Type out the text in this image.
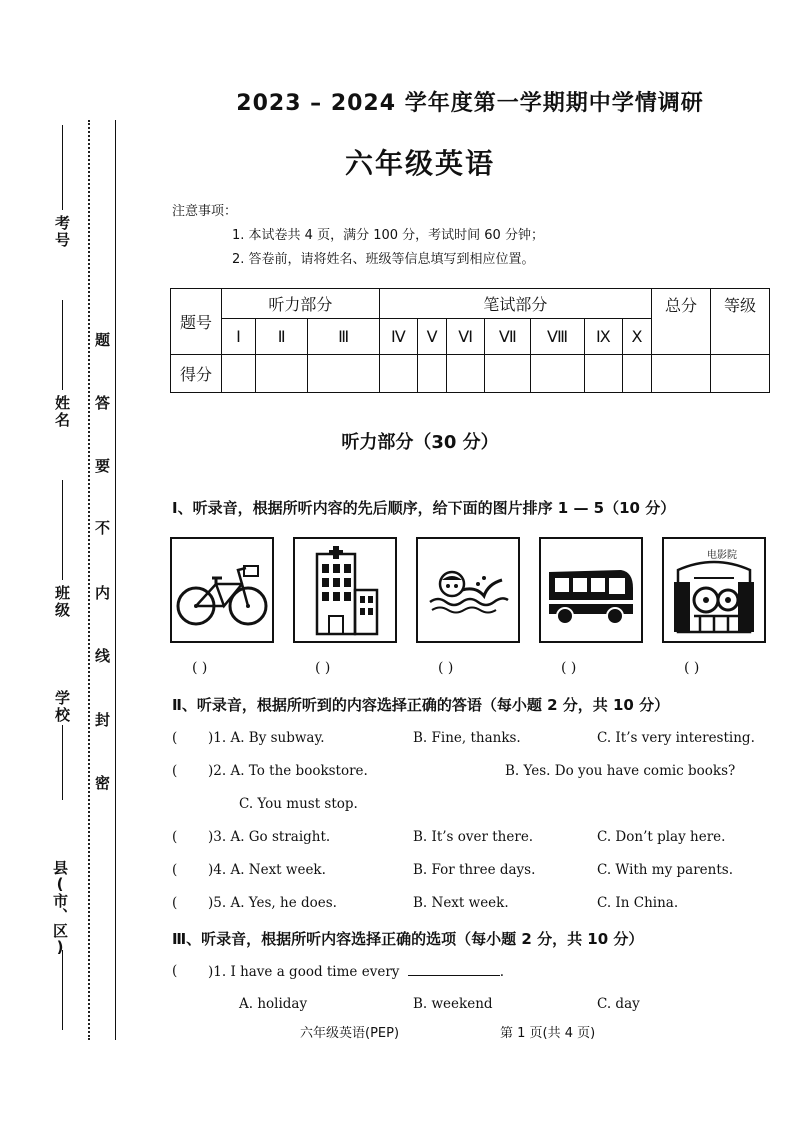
考号
姓名
班级
学校
县(市、区)
题
答
要
不
内
线
封
密
2023 – 2024 学年度第一学期期中学情调研
六年级英语
注意事项：
1. 本试卷共 4 页，满分 100 分，考试时间 60 分钟；
2. 答卷前，请将姓名、班级等信息填写到相应位置。
题号	听力部分			笔试部分							总分	等级
	Ⅰ	Ⅱ	Ⅲ	Ⅳ	Ⅴ	Ⅵ	Ⅶ	Ⅷ	Ⅸ	Ⅹ		
得分												
听力部分（30 分）
Ⅰ、听录音，根据所听内容的先后顺序，给下面的图片排序 1 — 5（10 分）
电影院
( )	( )	( )	( )	( )
Ⅱ、听录音，根据所听到的内容选择正确的答语（每小题 2 分，共 10 分）
( )1. A. By subway.	B. Fine, thanks.	C. It’s very interesting.
( )2. A. To the bookstore.	B. Yes. Do you have comic books?
C. You must stop.
( )3. A. Go straight.	B. It’s over there.	C. Don’t play here.
( )4. A. Next week.	B. For three days.	C. With my parents.
( )5. A. Yes, he does.	B. Next week.	C. In China.
Ⅲ、听录音，根据所听内容选择正确的选项（每小题 2 分，共 10 分）
( )1. I have a good time every	.
A. holiday	B. weekend	C. day
六年级英语(PEP)	第 1 页(共 4 页)
